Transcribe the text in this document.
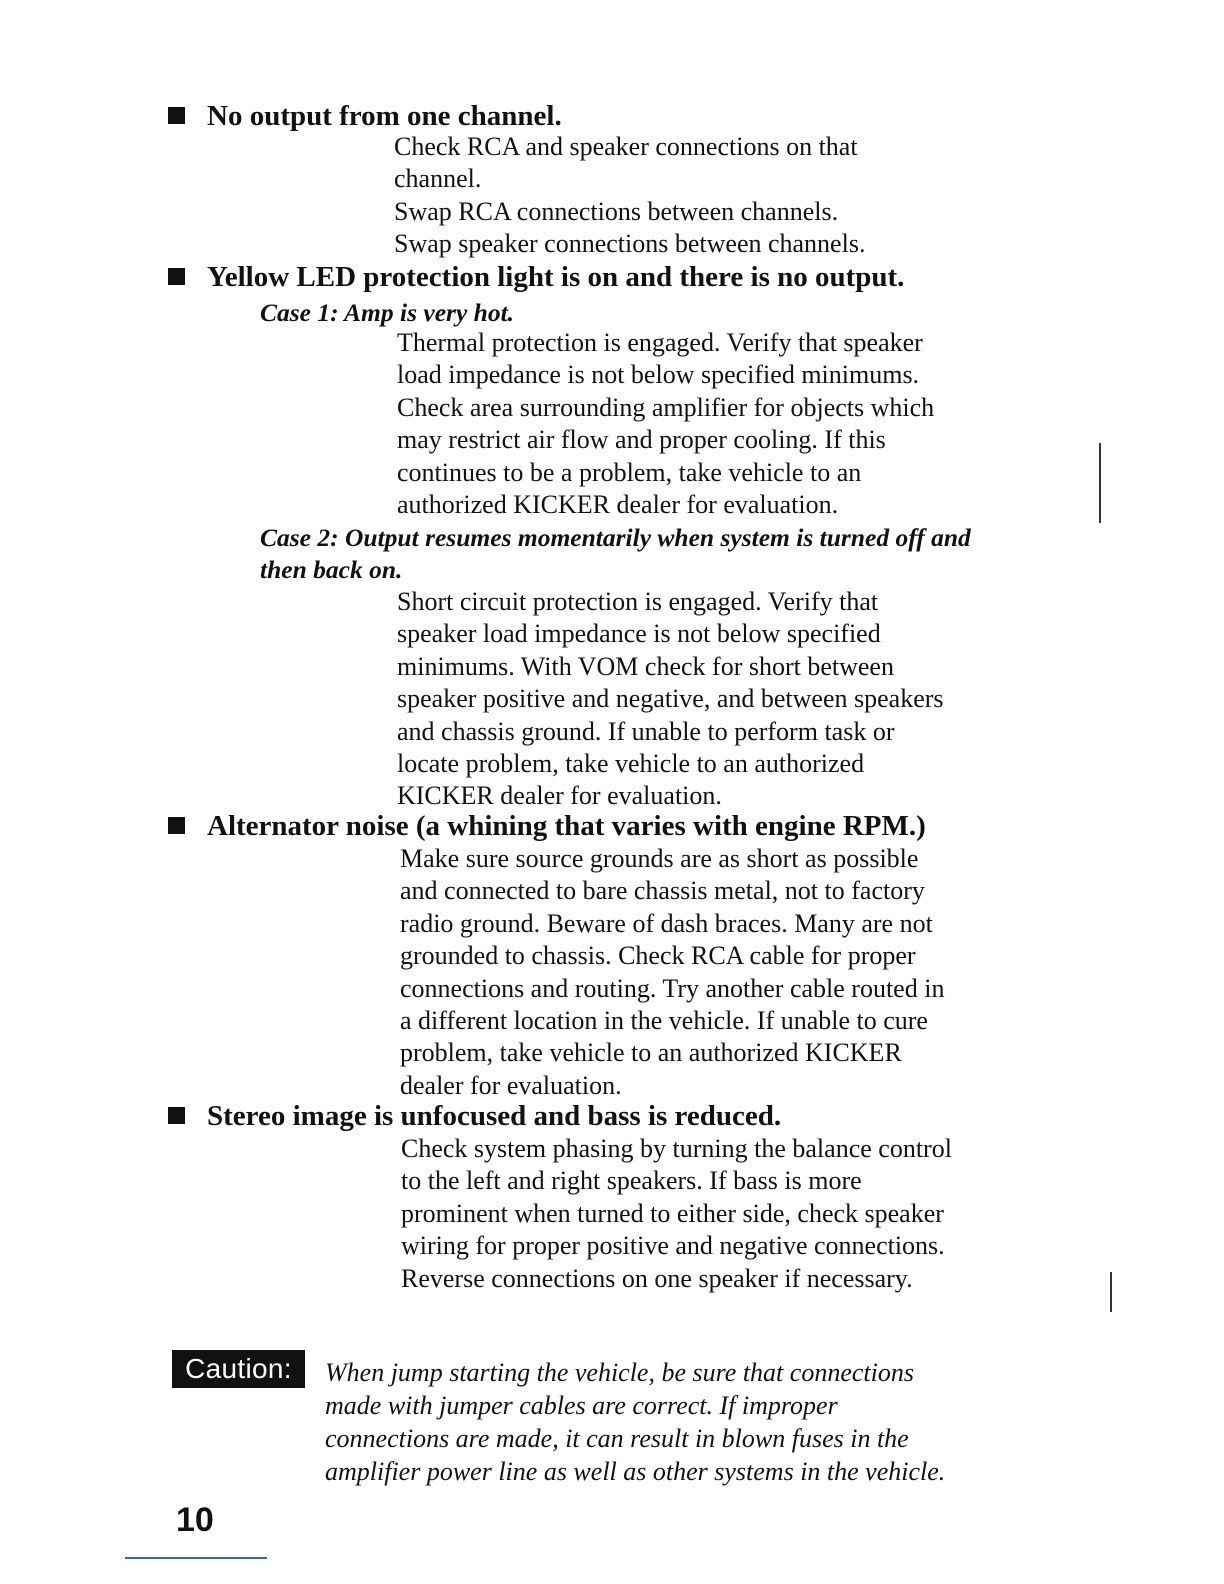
No output from one channel.
Check RCA and speaker connections on that
channel.
Swap RCA connections between channels.
Swap speaker connections between channels.
Yellow LED protection light is on and there is no output.
Case 1: Amp is very hot.
Thermal protection is engaged. Verify that speaker
load impedance is not below specified minimums.
Check area surrounding amplifier for objects which
may restrict air flow and proper cooling. If this
continues to be a problem, take vehicle to an
authorized KICKER dealer for evaluation.
Case 2: Output resumes momentarily when system is turned off and then back on.
Short circuit protection is engaged. Verify that
speaker load impedance is not below specified
minimums. With VOM check for short between
speaker positive and negative, and between speakers
and chassis ground. If unable to perform task or
locate problem, take vehicle to an authorized
KICKER dealer for evaluation.
Alternator noise (a whining that varies with engine RPM.)
Make sure source grounds are as short as possible
and connected to bare chassis metal, not to factory
radio ground. Beware of dash braces. Many are not
grounded to chassis. Check RCA cable for proper
connections and routing. Try another cable routed in
a different location in the vehicle. If unable to cure
problem, take vehicle to an authorized KICKER
dealer for evaluation.
Stereo image is unfocused and bass is reduced.
Check system phasing by turning the balance control
to the left and right speakers. If bass is more
prominent when turned to either side, check speaker
wiring for proper positive and negative connections.
Reverse connections on one speaker if necessary.
Caution:	When jump starting the vehicle, be sure that connections
made with jumper cables are correct. If improper
connections are made, it can result in blown fuses in the
amplifier power line as well as other systems in the vehicle.
10
